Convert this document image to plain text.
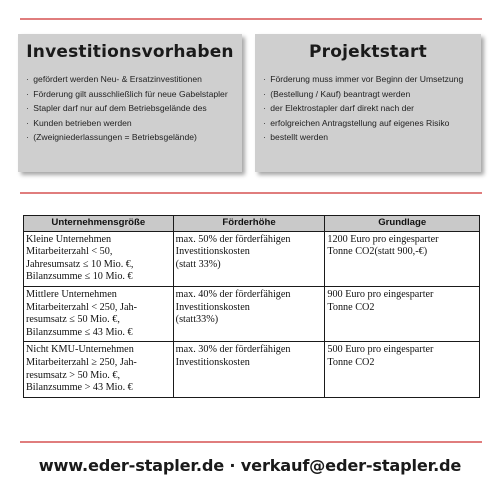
Investitionsvorhaben
· gefördert werden Neu- & Ersatzinvestitionen
· Förderung gilt ausschließlich für neue Gabelstapler
· Stapler darf nur auf dem Betriebsgelände des
· Kunden betrieben werden
· (Zweigniederlassungen = Betriebsgelände)
Projektstart
· Förderung muss immer vor Beginn der Umsetzung
· (Bestellung / Kauf) beantragt werden
· der Elektrostapler darf direkt nach der
· erfolgreichen Antragstellung auf eigenes Risiko
· bestellt werden
Unternehmensgröße	Förderhöhe	Grundlage

Kleine Unternehmen
Mitarbeiterzahl < 50,
Jahresumsatz ≤ 10 Mio. €,
Bilanzsumme ≤ 10 Mio. €	max. 50% der förderfähigen
Investitionskosten
(statt 33%)	1200 Euro pro eingesparter
Tonne CO2(statt 900,-€)

Mittlere Unternehmen
Mitarbeiterzahl < 250, Jah-
resumsatz ≤ 50 Mio. €,
Bilanzsumme ≤ 43 Mio. €	max. 40% der förderfähigen
Investitionskosten
(statt33%)	900 Euro pro eingesparter
Tonne CO2

Nicht KMU-Unternehmen
Mitarbeiterzahl ≥ 250, Jah-
resumsatz > 50 Mio. €,
Bilanzsumme > 43 Mio. €	max. 30% der förderfähigen
Investitionskosten	500 Euro pro eingesparter
Tonne CO2
www.eder-stapler.de · verkauf@eder-stapler.de
